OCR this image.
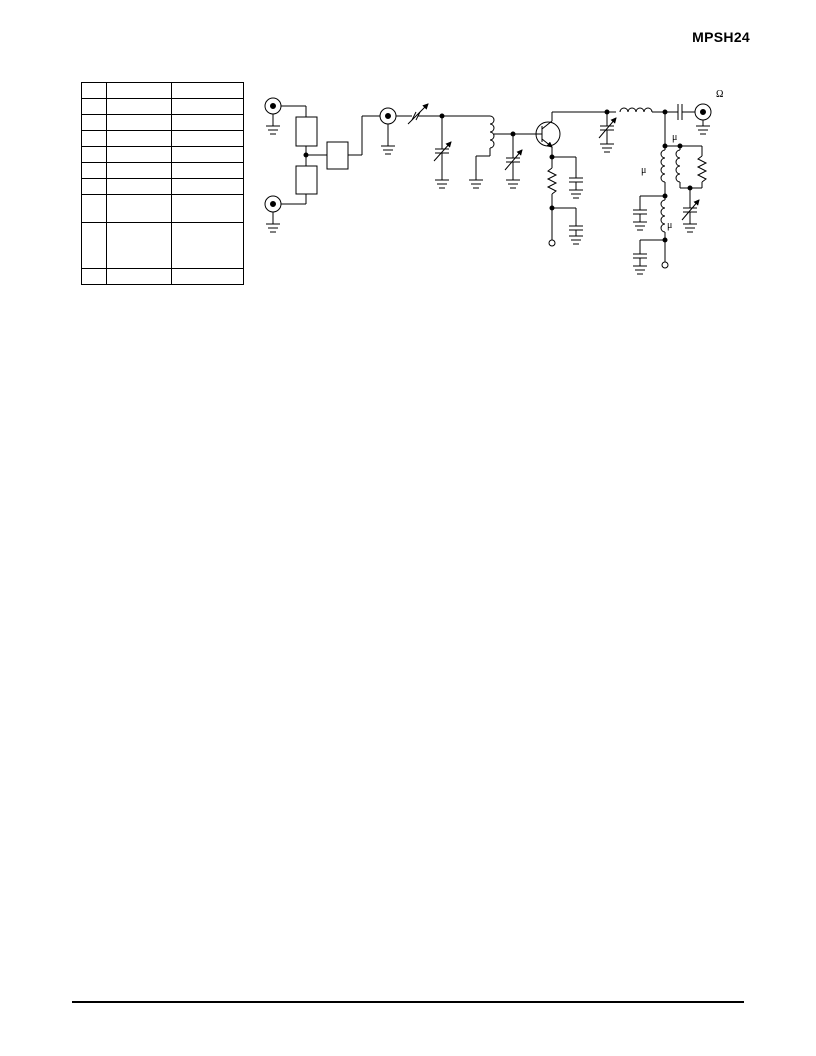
MPSH24

Ω
μ
μ
μ
